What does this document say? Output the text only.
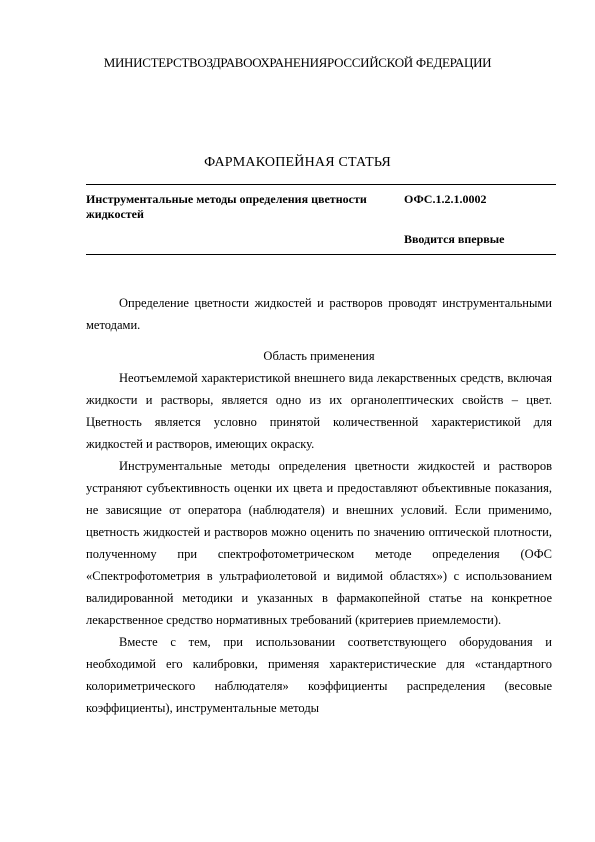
МИНИСТЕРСТВОЗДРАВООХРАНЕНИЯРОССИЙСКОЙ ФЕДЕРАЦИИ
ФАРМАКОПЕЙНАЯ СТАТЬЯ
Инструментальные методы определения цветности жидкостей
ОФС.1.2.1.0002
Вводится впервые

Определение цветности жидкостей и растворов проводят инструментальными методами.

Область применения

Неотъемлемой характеристикой внешнего вида лекарственных средств, включая жидкости и растворы, является одно из их органолептических свойств – цвет. Цветность является условно принятой количественной характеристикой для жидкостей и растворов, имеющих окраску.

Инструментальные методы определения цветности жидкостей и растворов устраняют субъективность оценки их цвета и предоставляют объективные показания, не зависящие от оператора (наблюдателя) и внешних условий. Если применимо, цветность жидкостей и растворов можно оценить по значению оптической плотности, полученному при спектрофотометрическом методе определения (ОФС «Спектрофотометрия в ультрафиолетовой и видимой областях») с использованием валидированной методики и указанных в фармакопейной статье на конкретное лекарственное средство нормативных требований (критериев приемлемости).

Вместе с тем, при использовании соответствующего оборудования и необходимой его калибровки, применяя характеристические для «стандартного колориметрического наблюдателя» коэффициенты распределения (весовые коэффициенты), инструментальные методы
